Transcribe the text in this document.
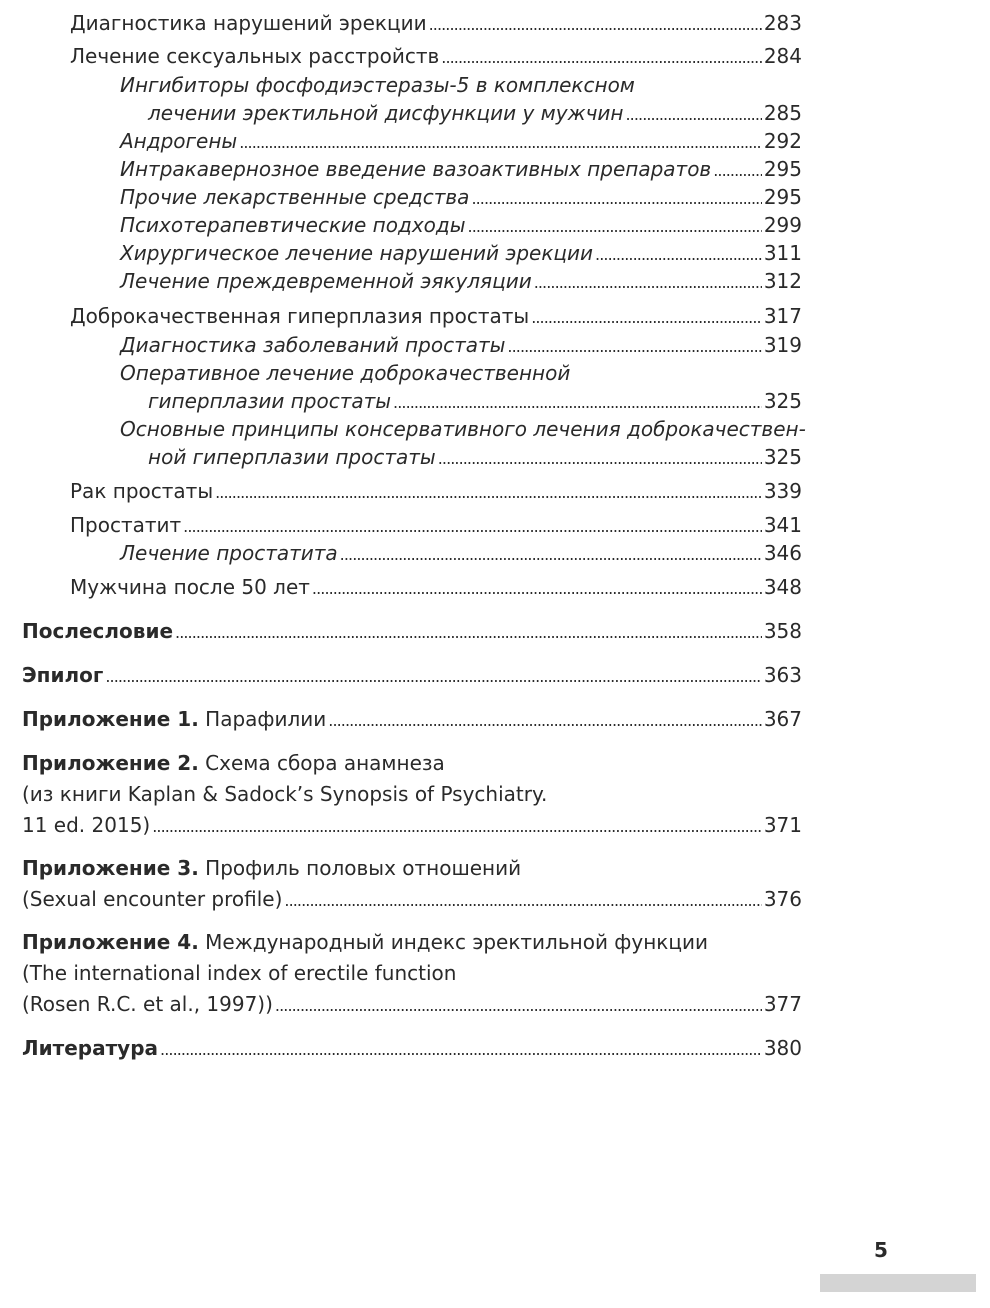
Диагностика нарушений эрекции . . .	283
Лечение сексуальных расстройств . . .	284
Ингибиторы фосфодиэстеразы-5 в комплексном
лечении эректильной дисфункции у мужчин . . .	285
Андрогены . . .	292
Интракавернозное введение вазоактивных препаратов . . .	295
Прочие лекарственные средства . . .	295
Психотерапевтические подходы . . .	299
Хирургическое лечение нарушений эрекции . . .	311
Лечение преждевременной эякуляции . . .	312
Доброкачественная гиперплазия простаты . . .	317
Диагностика заболеваний простаты . . .	319
Оперативное лечение доброкачественной
гиперплазии простаты . . .	325
Основные принципы консервативного лечения доброкачествен-
ной гиперплазии простаты . . .	325
Рак простаты . . .	339
Простатит . . .	341
Лечение простатита . . .	346
Мужчина после 50 лет . . .	348
Послесловие . . .	358
Эпилог . . .	363
Приложение 1. Парафилии . . .	367
Приложение 2. Схема сбора анамнеза
(из книги Kaplan & Sadock’s Synopsis of Psychiatry.
11 ed. 2015) . . .	371
Приложение 3. Профиль половых отношений
(Sexual encounter profile) . . .	376
Приложение 4. Международный индекс эректильной функции
(The international index of erectile function
(Rosen R.C. et al., 1997)) . . .	377
Литература . . .	380
5
